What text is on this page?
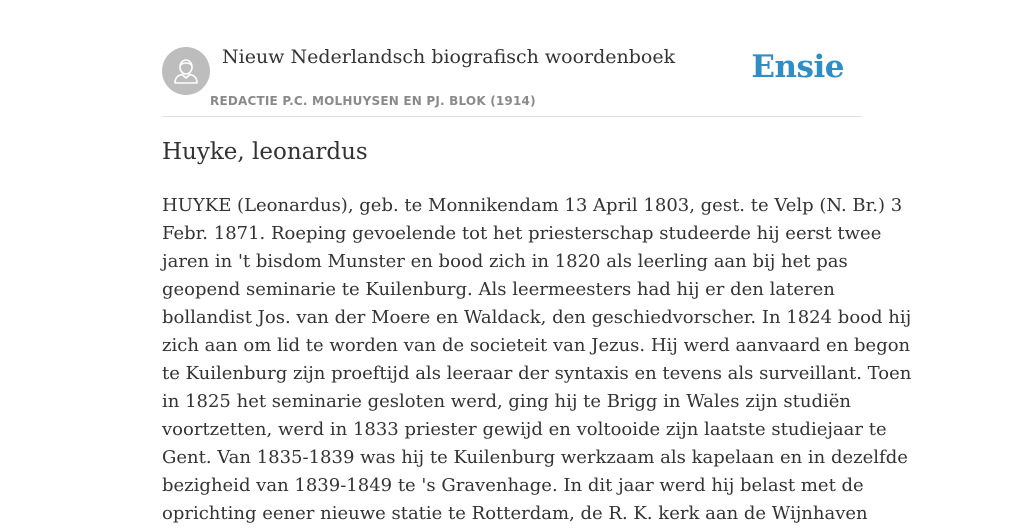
Nieuw Nederlandsch biografisch woordenboek
REDACTIE P.C. MOLHUYSEN EN PJ. BLOK (1914)
Ensie
Huyke, leonardus
HUYKE (Leonardus), geb. te Monnikendam 13 April 1803, gest. te Velp (N. Br.) 3
Febr. 1871. Roeping gevoelende tot het priesterschap studeerde hij eerst twee
jaren in 't bisdom Munster en bood zich in 1820 als leerling aan bij het pas
geopend seminarie te Kuilenburg. Als leermeesters had hij er den lateren
bollandist Jos. van der Moere en Waldack, den geschiedvorscher. In 1824 bood hij
zich aan om lid te worden van de societeit van Jezus. Hij werd aanvaard en begon
te Kuilenburg zijn proeftijd als leeraar der syntaxis en tevens als surveillant. Toen
in 1825 het seminarie gesloten werd, ging hij te Brigg in Wales zijn studiën
voortzetten, werd in 1833 priester gewijd en voltooide zijn laatste studiejaar te
Gent. Van 1835-1839 was hij te Kuilenburg werkzaam als kapelaan en in dezelfde
bezigheid van 1839-1849 te 's Gravenhage. In dit jaar werd hij belast met de
oprichting eener nieuwe statie te Rotterdam, de R. K. kerk aan de Wijnhaven
